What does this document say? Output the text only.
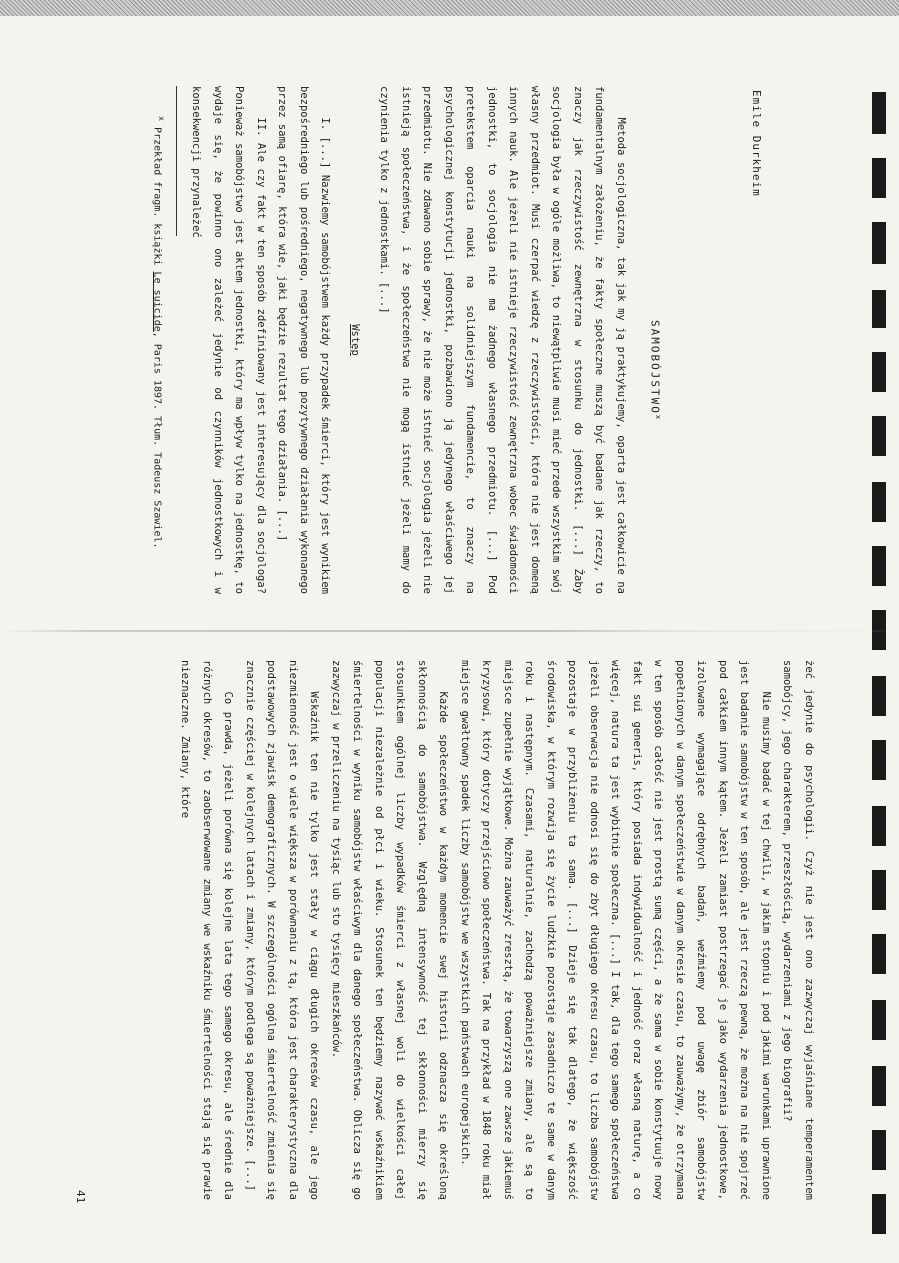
Emile Durkheim
SAMOBÓJSTWO$^x$
41

Metoda socjologiczna, tak jak my ją praktykujemy, oparta jest całkowicie na fundamentalnym założeniu, że fakty społeczne muszą być badane jak rzeczy, to znaczy jak rzeczywistość zewnętrzna w stosunku do jednostki. [...] Żaby socjologia była w ogóle możliwa, to niewątpliwie musi mieć przede wszystkim swój własny przedmiot. Musi czerpać wiedzę z rzeczywistości, która nie jest domeną innych nauk. Ale jeżeli nie istnieje rzeczywistość zewnętrzna wobec świadomości jednostki, to socjologia nie ma żadnego własnego przedmiotu. [...] Pod pretekstem oparcia nauki na solidniejszym fundamencie, to znaczy na psychologicznej konstytucji jednostki, pozbawiono ją jedynego właściwego jej przedmiotu. Nie zdawano sobie sprawy, że nie może istnieć socjologia jeżeli nie istnieją społeczeństwa, i że społeczeństwa nie mogą istnieć jeżeli mamy do czynienia tylko z jednostkami. [...]

Wstęp

I. [...] Nazwiemy samobójstwem każdy przypadek śmierci, który jest wynikiem bezpośredniego lub pośredniego, negatywnego lub pozytywnego działania wykonanego przez samą ofiarę, która wie, jaki będzie rezultat tego działania. [...]

II. Ale czy fakt w ten sposób zdefiniowany jest interesujący dla socjologa? Ponieważ samobójstwo jest aktem jednostki, który ma wpływ tylko na jednostkę, to wydaje się, że powinno ono zależeć jedynie od czynników jednostkowych i w konsekwencji przynależeć

$^x$ Przekład fragm. książki Le suicide, Paris 1897. Tłum. Tadeusz Szawiel.

żeć jedynie do psychologii. Czyż nie jest ono zazwyczaj wyjaśniane temperamentem samobójcy, jego charakterem, przeszłością, wydarzeniami z jego biografii?

Nie musimy badać w tej chwili, w jakim stopniu i pod jakimi warunkami uprawnione jest badanie samobójstw w ten sposób, ale jest rzeczą pewną, że można na nie spojrzeć pod całkiem innym kątem. Jeżeli zamiast postrzegać je jako wydarzenia jednostkowe, izolowane wymagające odrębnych badań, weźmiemy pod uwagę zbiór samobójstw popełnionych w danym społeczeństwie w danym okresie czasu, to zauważymy, że otrzymana w ten sposób całość nie jest prostą sumą części, a że sama w sobie konstytuuje nowy fakt sui generis, który posiada indywidualność i jedność oraz własną naturę, a co więcej, natura ta jest wybitnie społeczna. [...] I tak, dla tego samego społeczeństwa jeżeli obserwacja nie odnosi się do zbyt długiego okresu czasu, to liczba samobójstw pozostaje w przybliżeniu ta sama. [...] Dzieje się tak dlatego, że większość środowiska, w którym rozwija się życie ludzkie pozostaje zasadniczo te same w danym roku i następnym. Czasami, naturalnie, zachodzą poważniejsze zmiany, ale są to miejsce zupełnie wyjątkowe. Można zauważyć zresztą, że towarzyszą one zawsze jakiemuś kryzysowi, który dotyczy przejściowo społeczeństwa. Tak na przykład w 1848 roku miał miejsce gwałtowny spadek liczby samobójstw we wszystkich państwach europejskich.

Każde społeczeństwo w każdym momencie swej historii odznacza się określoną skłonnością do samobójstwa. Względną intensywność tej skłonności mierzy się stosunkiem ogólnej liczby wypadków śmierci z własnej woli do wielkości całej populacji niezależnie od płci i wieku. Stosunek ten będziemy nazywać wskaźnikiem śmiertelności w wyniku samobójstw właściwym dla danego społeczeństwa. Oblicza się go zazwyczaj w przeliczeniu na tysiąc lub sto tysięcy mieszkańców.

Wskaźnik ten nie tylko jest stały w ciągu długich okresów czasu, ale jego niezmienność jest o wiele większa w porównaniu z tą, która jest charakterystyczna dla podstawowych zjawisk demograficznych. W szczególności ogólna śmiertelność zmienia się znacznie częściej w kolejnych latach i zmiany, którym podlega są poważniejsze. [...]

Co prawda, jeżeli porówna się kolejne lata tego samego okresu, ale średnie dla różnych okresów, to zaobserwowane zmiany we wskaźniku śmiertelności stają się prawie nieznaczne. Zmiany, które
